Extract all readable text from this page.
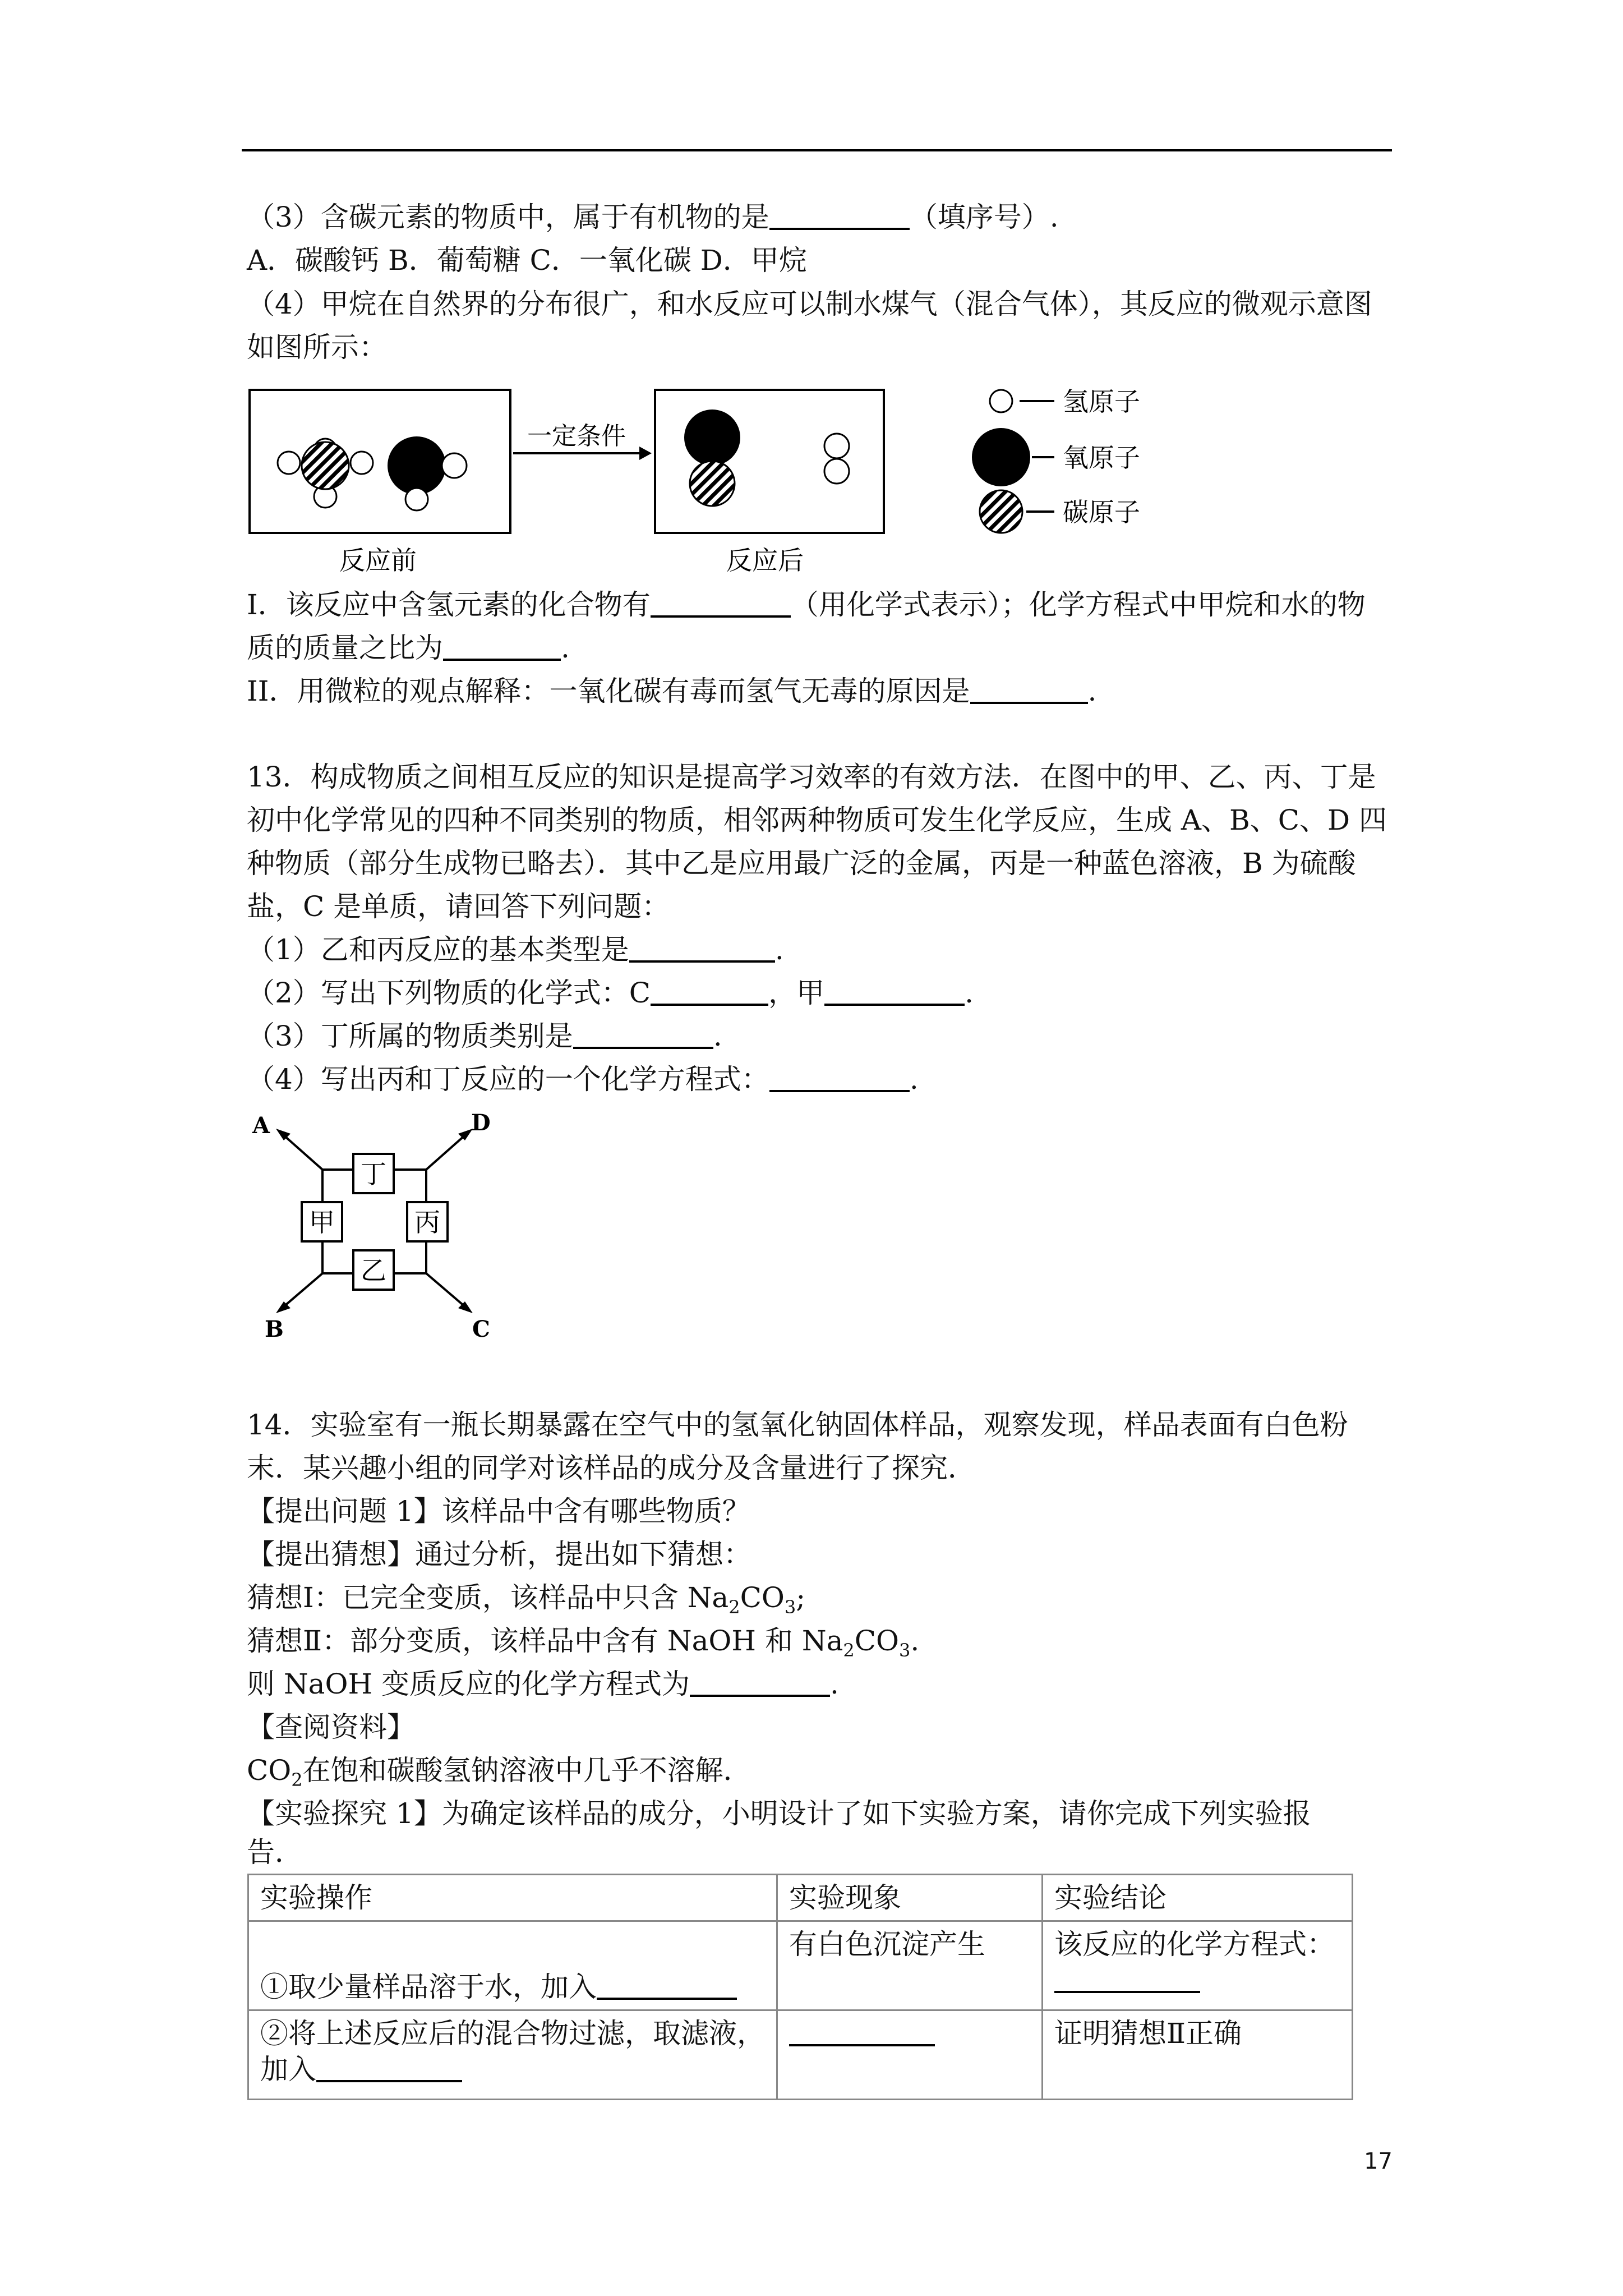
（3）含碳元素的物质中，属于有机物的是	（填序号）.
A．碳酸钙 B．葡萄糖 C．一氧化碳 D．甲烷
（4）甲烷在自然界的分布很广，和水反应可以制水煤气（混合气体），其反应的微观示意图
如图所示：
一定条件
反应前	反应后
氢原子
氧原子
碳原子
I．该反应中含氢元素的化合物有	（用化学式表示）；化学方程式中甲烷和水的物
质的质量之比为	.
II．用微粒的观点解释：一氧化碳有毒而氢气无毒的原因是	.
13．构成物质之间相互反应的知识是提高学习效率的有效方法．在图中的甲、乙、丙、丁是
初中化学常见的四种不同类别的物质，相邻两种物质可发生化学反应，生成 A、B、C、D 四
种物质（部分生成物已略去）．其中乙是应用最广泛的金属，丙是一种蓝色溶液，B 为硫酸
盐，C 是单质，请回答下列问题：
（1）乙和丙反应的基本类型是	.
（2）写出下列物质的化学式：C	，甲	.
（3）丁所属的物质类别是	.
（4）写出丙和丁反应的一个化学方程式：	.
丁
甲	丙
乙
A	D
B	C
14．实验室有一瓶长期暴露在空气中的氢氧化钠固体样品，观察发现，样品表面有白色粉
末．某兴趣小组的同学对该样品的成分及含量进行了探究．
【提出问题 1】该样品中含有哪些物质？
【提出猜想】通过分析，提出如下猜想：
猜想Ⅰ：已完全变质，该样品中只含 $Na_2CO_3$;
猜想Ⅱ：部分变质，该样品中含有 NaOH 和 $Na_2CO_3$.
则 NaOH 变质反应的化学方程式为	.
【查阅资料】
$CO_2$在饱和碳酸氢钠溶液中几乎不溶解．
【实验探究 1】为确定该样品的成分，小明设计了如下实验方案，请你完成下列实验报
告．
实验操作	实验现象	实验结论
①取少量样品溶于水，加入	有白色沉淀产生	该反应的化学方程式：

②将上述反应后的混合物过滤，取滤液，
加入		证明猜想Ⅱ正确
17
